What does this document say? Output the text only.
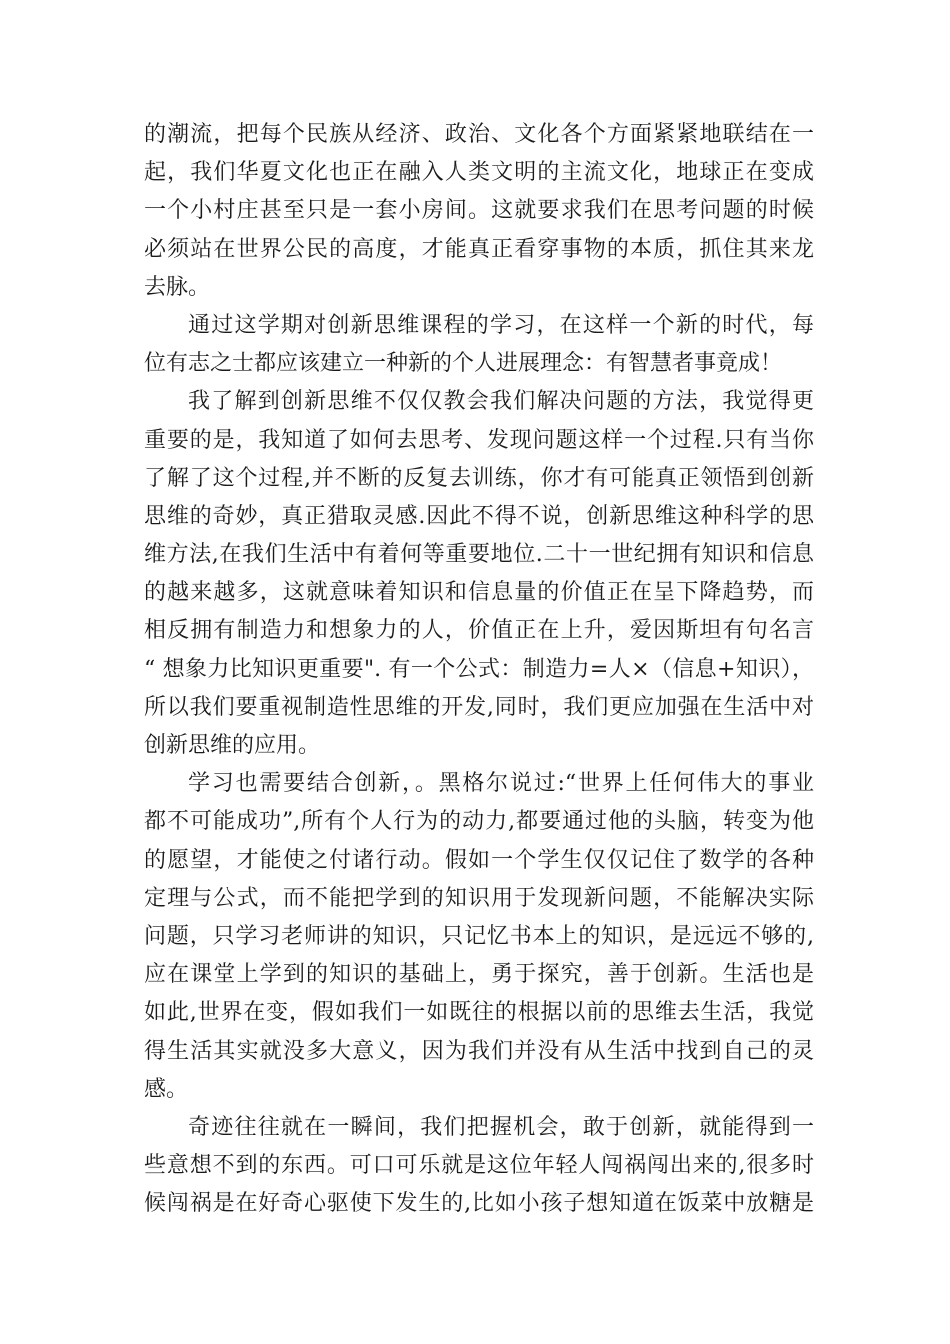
的潮流，把每个民族从经济、政治、文化各个方面紧紧地联结在一
起，我们华夏文化也正在融入人类文明的主流文化，地球正在变成
一个小村庄甚至只是一套小房间。这就要求我们在思考问题的时候
必须站在世界公民的高度，才能真正看穿事物的本质，抓住其来龙
去脉。
通过这学期对创新思维课程的学习，在这样一个新的时代，每
位有志之士都应该建立一种新的个人进展理念：有智慧者事竟成！
我了解到创新思维不仅仅教会我们解决问题的方法，我觉得更
重要的是，我知道了如何去思考、发现问题这样一个过程.只有当你
了解了这个过程,并不断的反复去训练，你才有可能真正领悟到创新
思维的奇妙，真正猎取灵感.因此不得不说，创新思维这种科学的思
维方法,在我们生活中有着何等重要地位.二十一世纪拥有知识和信息
的越来越多，这就意味着知识和信息量的价值正在呈下降趋势，而
相反拥有制造力和想象力的人，价值正在上升，爱因斯坦有句名言
“ 想象力比知识更重要". 有一个公式：制造力=人×（信息+知识），
所以我们要重视制造性思维的开发,同时，我们更应加强在生活中对
创新思维的应用。
学习也需要结合创新，。黑格尔说过:“世界上任何伟大的事业
都不可能成功”,所有个人行为的动力,都要通过他的头脑，转变为他
的愿望，才能使之付诸行动。假如一个学生仅仅记住了数学的各种
定理与公式，而不能把学到的知识用于发现新问题，不能解决实际
问题，只学习老师讲的知识，只记忆书本上的知识，是远远不够的,
应在课堂上学到的知识的基础上，勇于探究，善于创新。生活也是
如此,世界在变，假如我们一如既往的根据以前的思维去生活，我觉
得生活其实就没多大意义，因为我们并没有从生活中找到自己的灵
感。
奇迹往往就在一瞬间，我们把握机会，敢于创新，就能得到一
些意想不到的东西。可口可乐就是这位年轻人闯祸闯出来的,很多时
候闯祸是在好奇心驱使下发生的,比如小孩子想知道在饭菜中放糖是
